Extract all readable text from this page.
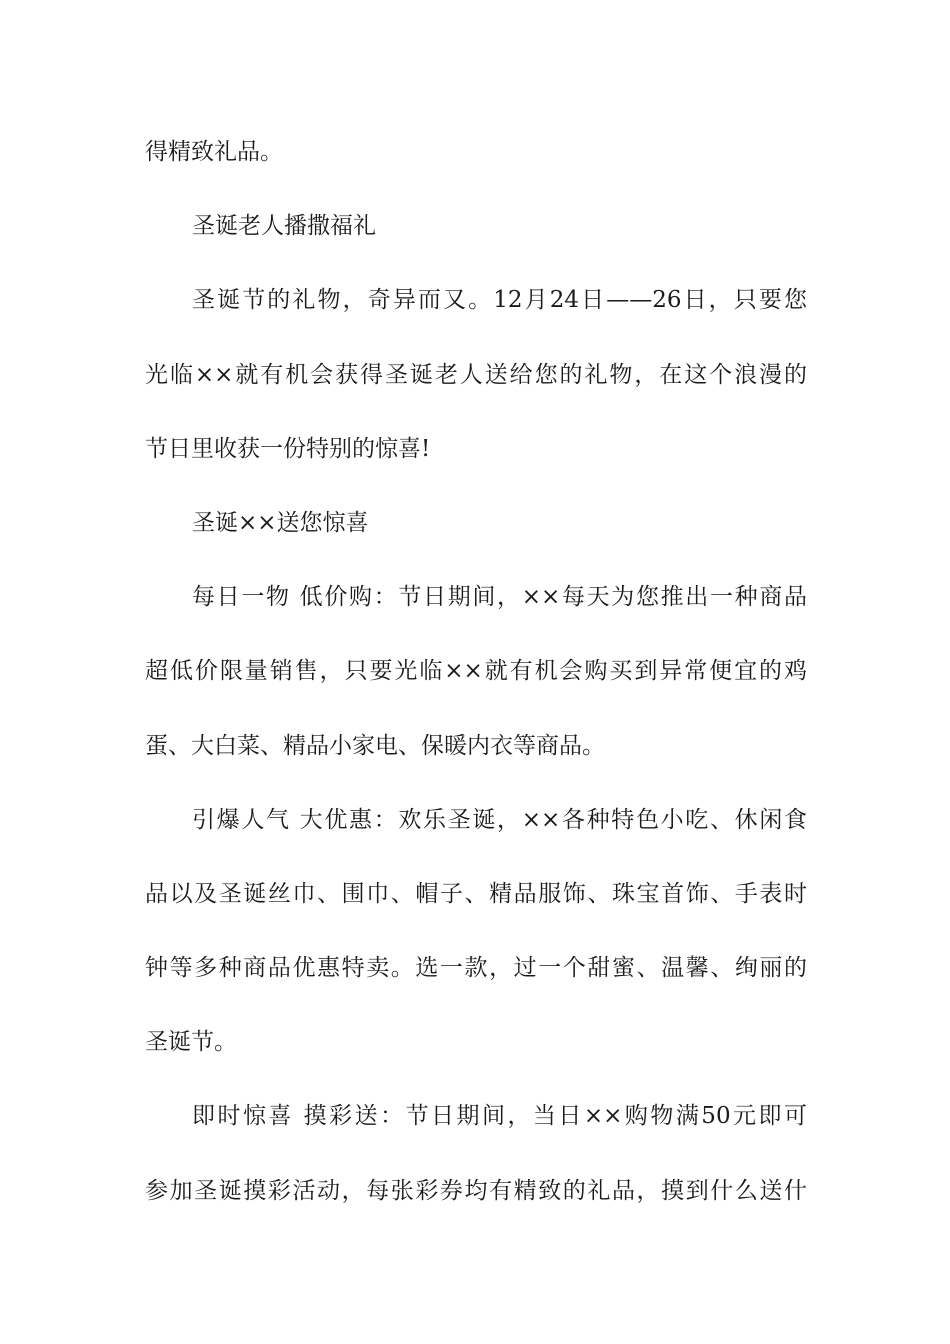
得精致礼品。
圣诞老人播撒福礼
圣诞节的礼物，奇异而又。12月24日——26日，只要您
光临××就有机会获得圣诞老人送给您的礼物，在这个浪漫的
节日里收获一份特别的惊喜!
圣诞××送您惊喜
每日一物 低价购：节日期间，××每天为您推出一种商品
超低价限量销售，只要光临××就有机会购买到异常便宜的鸡
蛋、大白菜、精品小家电、保暖内衣等商品。
引爆人气 大优惠：欢乐圣诞，××各种特色小吃、休闲食
品以及圣诞丝巾、围巾、帽子、精品服饰、珠宝首饰、手表时
钟等多种商品优惠特卖。选一款，过一个甜蜜、温馨、绚丽的
圣诞节。
即时惊喜 摸彩送：节日期间，当日××购物满50元即可
参加圣诞摸彩活动，每张彩券均有精致的礼品，摸到什么送什
